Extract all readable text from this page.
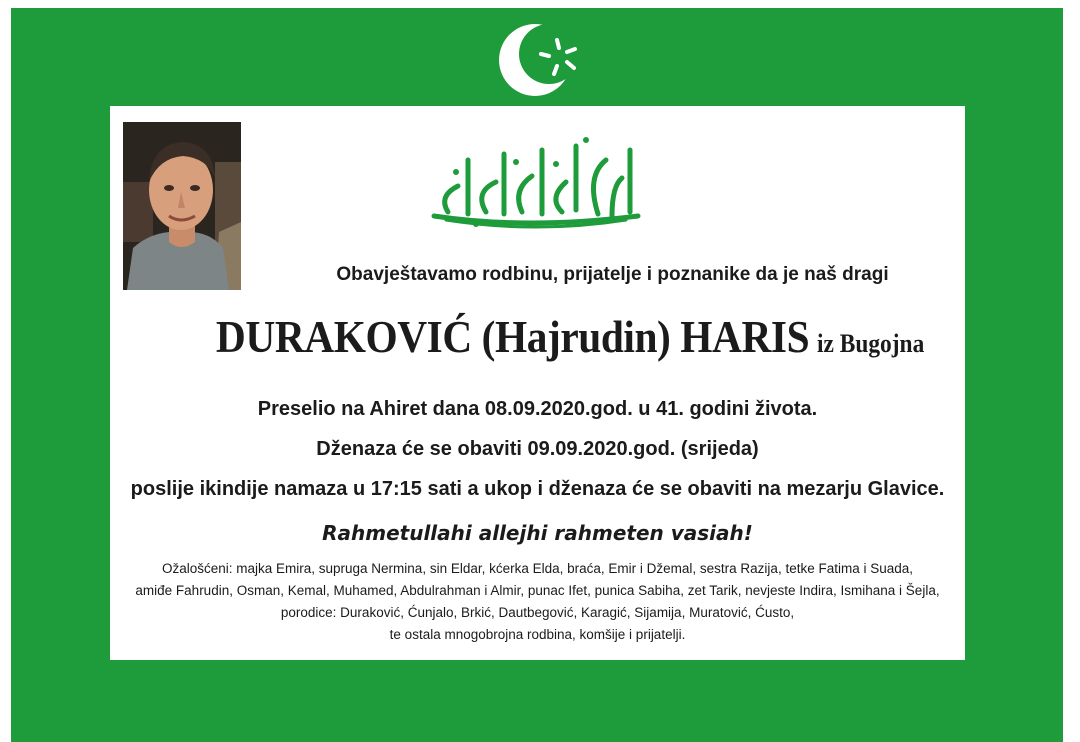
Obavještavamo rodbinu, prijatelje i poznanike da je naš dragi
DURAKOVIĆ (Hajrudin) HARIS iz Bugojna
Preselio na Ahiret dana 08.09.2020.god. u 41. godini života.
Dženaza će se obaviti 09.09.2020.god. (srijeda)
poslije ikindije namaza u 17:15 sati a ukop i dženaza će se obaviti na mezarju Glavice.
Rahmetullahi allejhi rahmeten vasiah!
Ožalošćeni: majka Emira, supruga Nermina, sin Eldar, kćerka Elda, braća, Emir i Džemal, sestra Razija, tetke Fatima i Suada,
amiđe Fahrudin, Osman, Kemal, Muhamed, Abdulrahman i Almir, punac Ifet, punica Sabiha, zet Tarik, nevjeste Indira, Ismihana i Šejla,
porodice: Duraković, Ćunjalo, Brkić, Dautbegović, Karagić, Sijamija, Muratović, Ćusto,
te ostala mnogobrojna rodbina, komšije i prijatelji.
